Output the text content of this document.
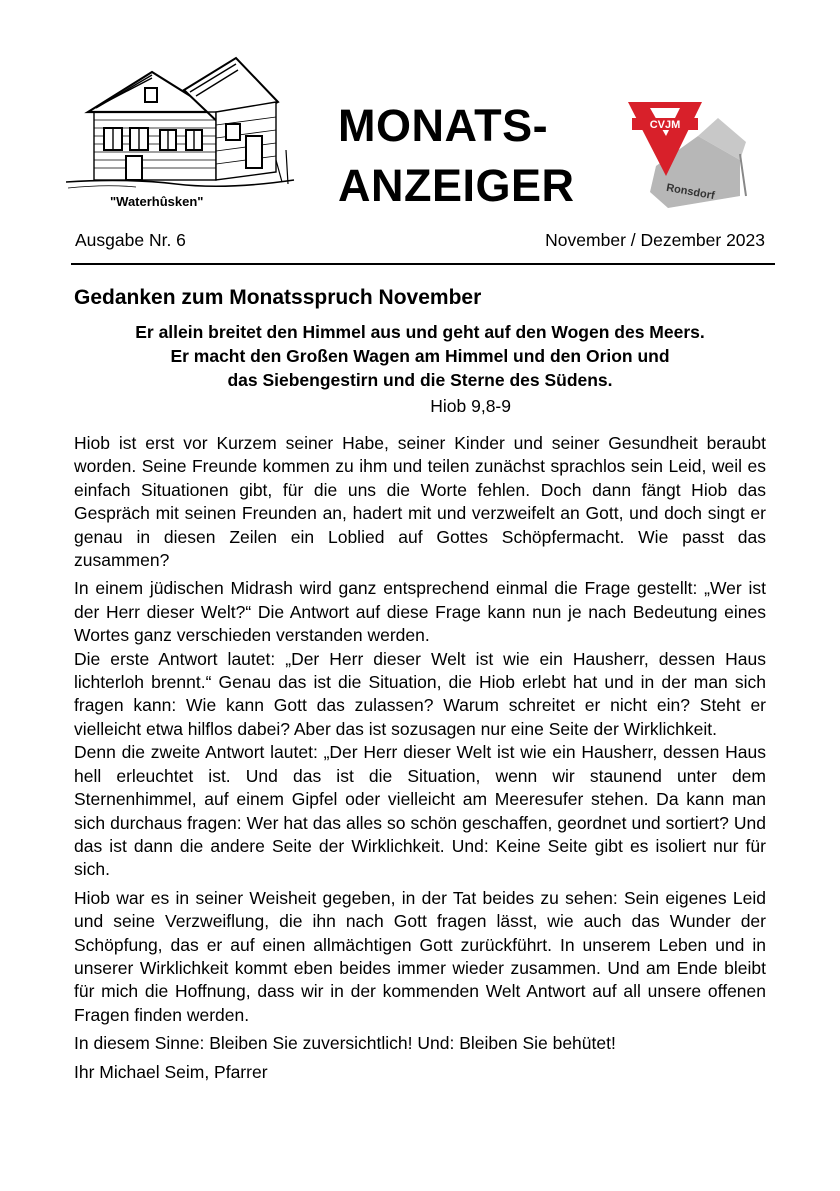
"Waterhûsken"
MONATS-
ANZEIGER
CVJM
Ronsdorf
Ausgabe Nr. 6	November / Dezember 2023
Gedanken zum Monatsspruch November
Er allein breitet den Himmel aus und geht auf den Wogen des Meers.
Er macht den Großen Wagen am Himmel und den Orion und
das Siebengestirn und die Sterne des Südens.
Hiob 9,8-9

Hiob ist erst vor Kurzem seiner Habe, seiner Kinder und seiner Gesundheit beraubt worden. Seine Freunde kommen zu ihm und teilen zunächst sprachlos sein Leid, weil es einfach Situationen gibt, für die uns die Worte fehlen. Doch dann fängt Hiob das Gespräch mit seinen Freunden an, hadert mit und verzweifelt an Gott, und doch singt er genau in diesen Zeilen ein Loblied auf Gottes Schöpfermacht. Wie passt das zusammen?

In einem jüdischen Midrash wird ganz entsprechend einmal die Frage gestellt: „Wer ist der Herr dieser Welt?“ Die Antwort auf diese Frage kann nun je nach Bedeutung eines Wortes ganz verschieden verstanden werden.

Die erste Antwort lautet: „Der Herr dieser Welt ist wie ein Hausherr, dessen Haus lichterloh brennt.“ Genau das ist die Situation, die Hiob erlebt hat und in der man sich fragen kann: Wie kann Gott das zulassen? Warum schreitet er nicht ein? Steht er vielleicht etwa hilflos dabei? Aber das ist sozusagen nur eine Seite der Wirklichkeit.

Denn die zweite Antwort lautet: „Der Herr dieser Welt ist wie ein Hausherr, dessen Haus hell erleuchtet ist. Und das ist die Situation, wenn wir staunend unter dem Sternenhimmel, auf einem Gipfel oder vielleicht am Meeresufer stehen. Da kann man sich durchaus fragen: Wer hat das alles so schön geschaffen, geordnet und sortiert? Und das ist dann die andere Seite der Wirklichkeit. Und: Keine Seite gibt es isoliert nur für sich.

Hiob war es in seiner Weisheit gegeben, in der Tat beides zu sehen: Sein eigenes Leid und seine Verzweiflung, die ihn nach Gott fragen lässt, wie auch das Wunder der Schöpfung, das er auf einen allmächtigen Gott zurückführt. In unserem Leben und in unserer Wirklichkeit kommt eben beides immer wieder zusammen. Und am Ende bleibt für mich die Hoffnung, dass wir in der kommenden Welt Antwort auf all unsere offenen Fragen finden werden.

In diesem Sinne: Bleiben Sie zuversichtlich! Und: Bleiben Sie behütet!

Ihr Michael Seim, Pfarrer
